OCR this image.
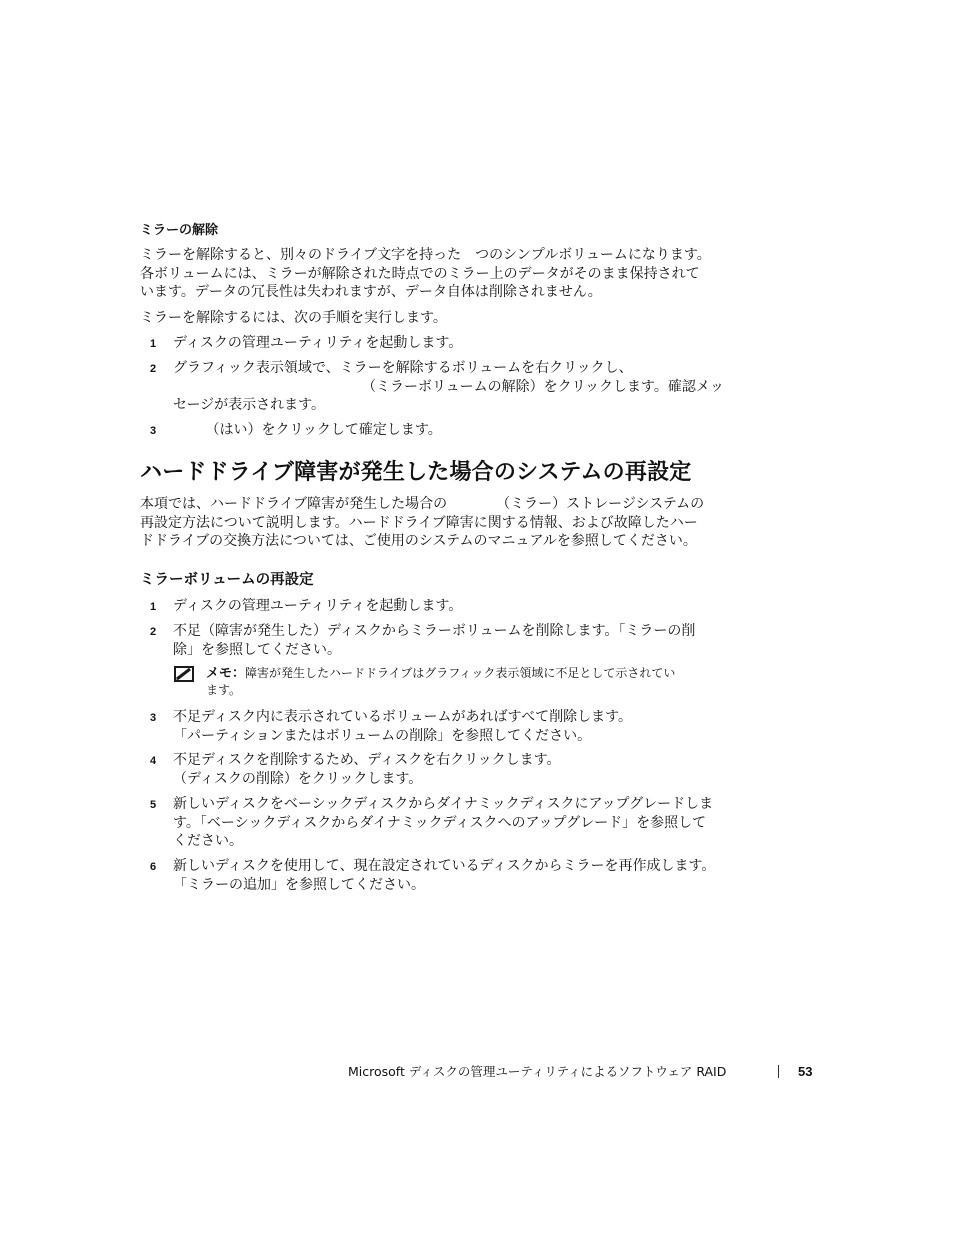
ミラーの解除
ミラーを解除すると、別々のドライブ文字を持った　つのシンプルボリュームになります。
各ボリュームには、ミラーが解除された時点でのミラー上のデータがそのまま保持されて
います。データの冗長性は失われますが、データ自体は削除されません。
ミラーを解除するには、次の手順を実行します。
1 ディスクの管理ユーティリティを起動します。
2 グラフィック表示領域で、ミラーを解除するボリュームを右クリックし、
　　　　　　　　　　　　　　（ミラーボリュームの解除）をクリックします。確認メッ
セージが表示されます。
3 　　 （はい）をクリックして確定します。
ハードドライブ障害が発生した場合のシステムの再設定
本項では、ハードドライブ障害が発生した場合の　　　　（ミラー）ストレージシステムの
再設定方法について説明します。ハードドライブ障害に関する情報、および故障したハー
ドドライブの交換方法については、ご使用のシステムのマニュアルを参照してください。
ミラーボリュームの再設定
1 ディスクの管理ユーティリティを起動します。
2 不足（障害が発生した）ディスクからミラーボリュームを削除します。「ミラーの削
除」を参照してください。
メモ：障害が発生したハードドライブはグラフィック表示領域に不足として示されてい
ます。
3 不足ディスク内に表示されているボリュームがあればすべて削除します。
「パーティションまたはボリュームの削除」を参照してください。
4 不足ディスクを削除するため、ディスクを右クリックします。
（ディスクの削除）をクリックします。
5 新しいディスクをベーシックディスクからダイナミックディスクにアップグレードしま
す。「ベーシックディスクからダイナミックディスクへのアップグレード」を参照して
ください。
6 新しいディスクを使用して、現在設定されているディスクからミラーを再作成します。
「ミラーの追加」を参照してください。
Microsoft ディスクの管理ユーティリティによるソフトウェア RAID	53
